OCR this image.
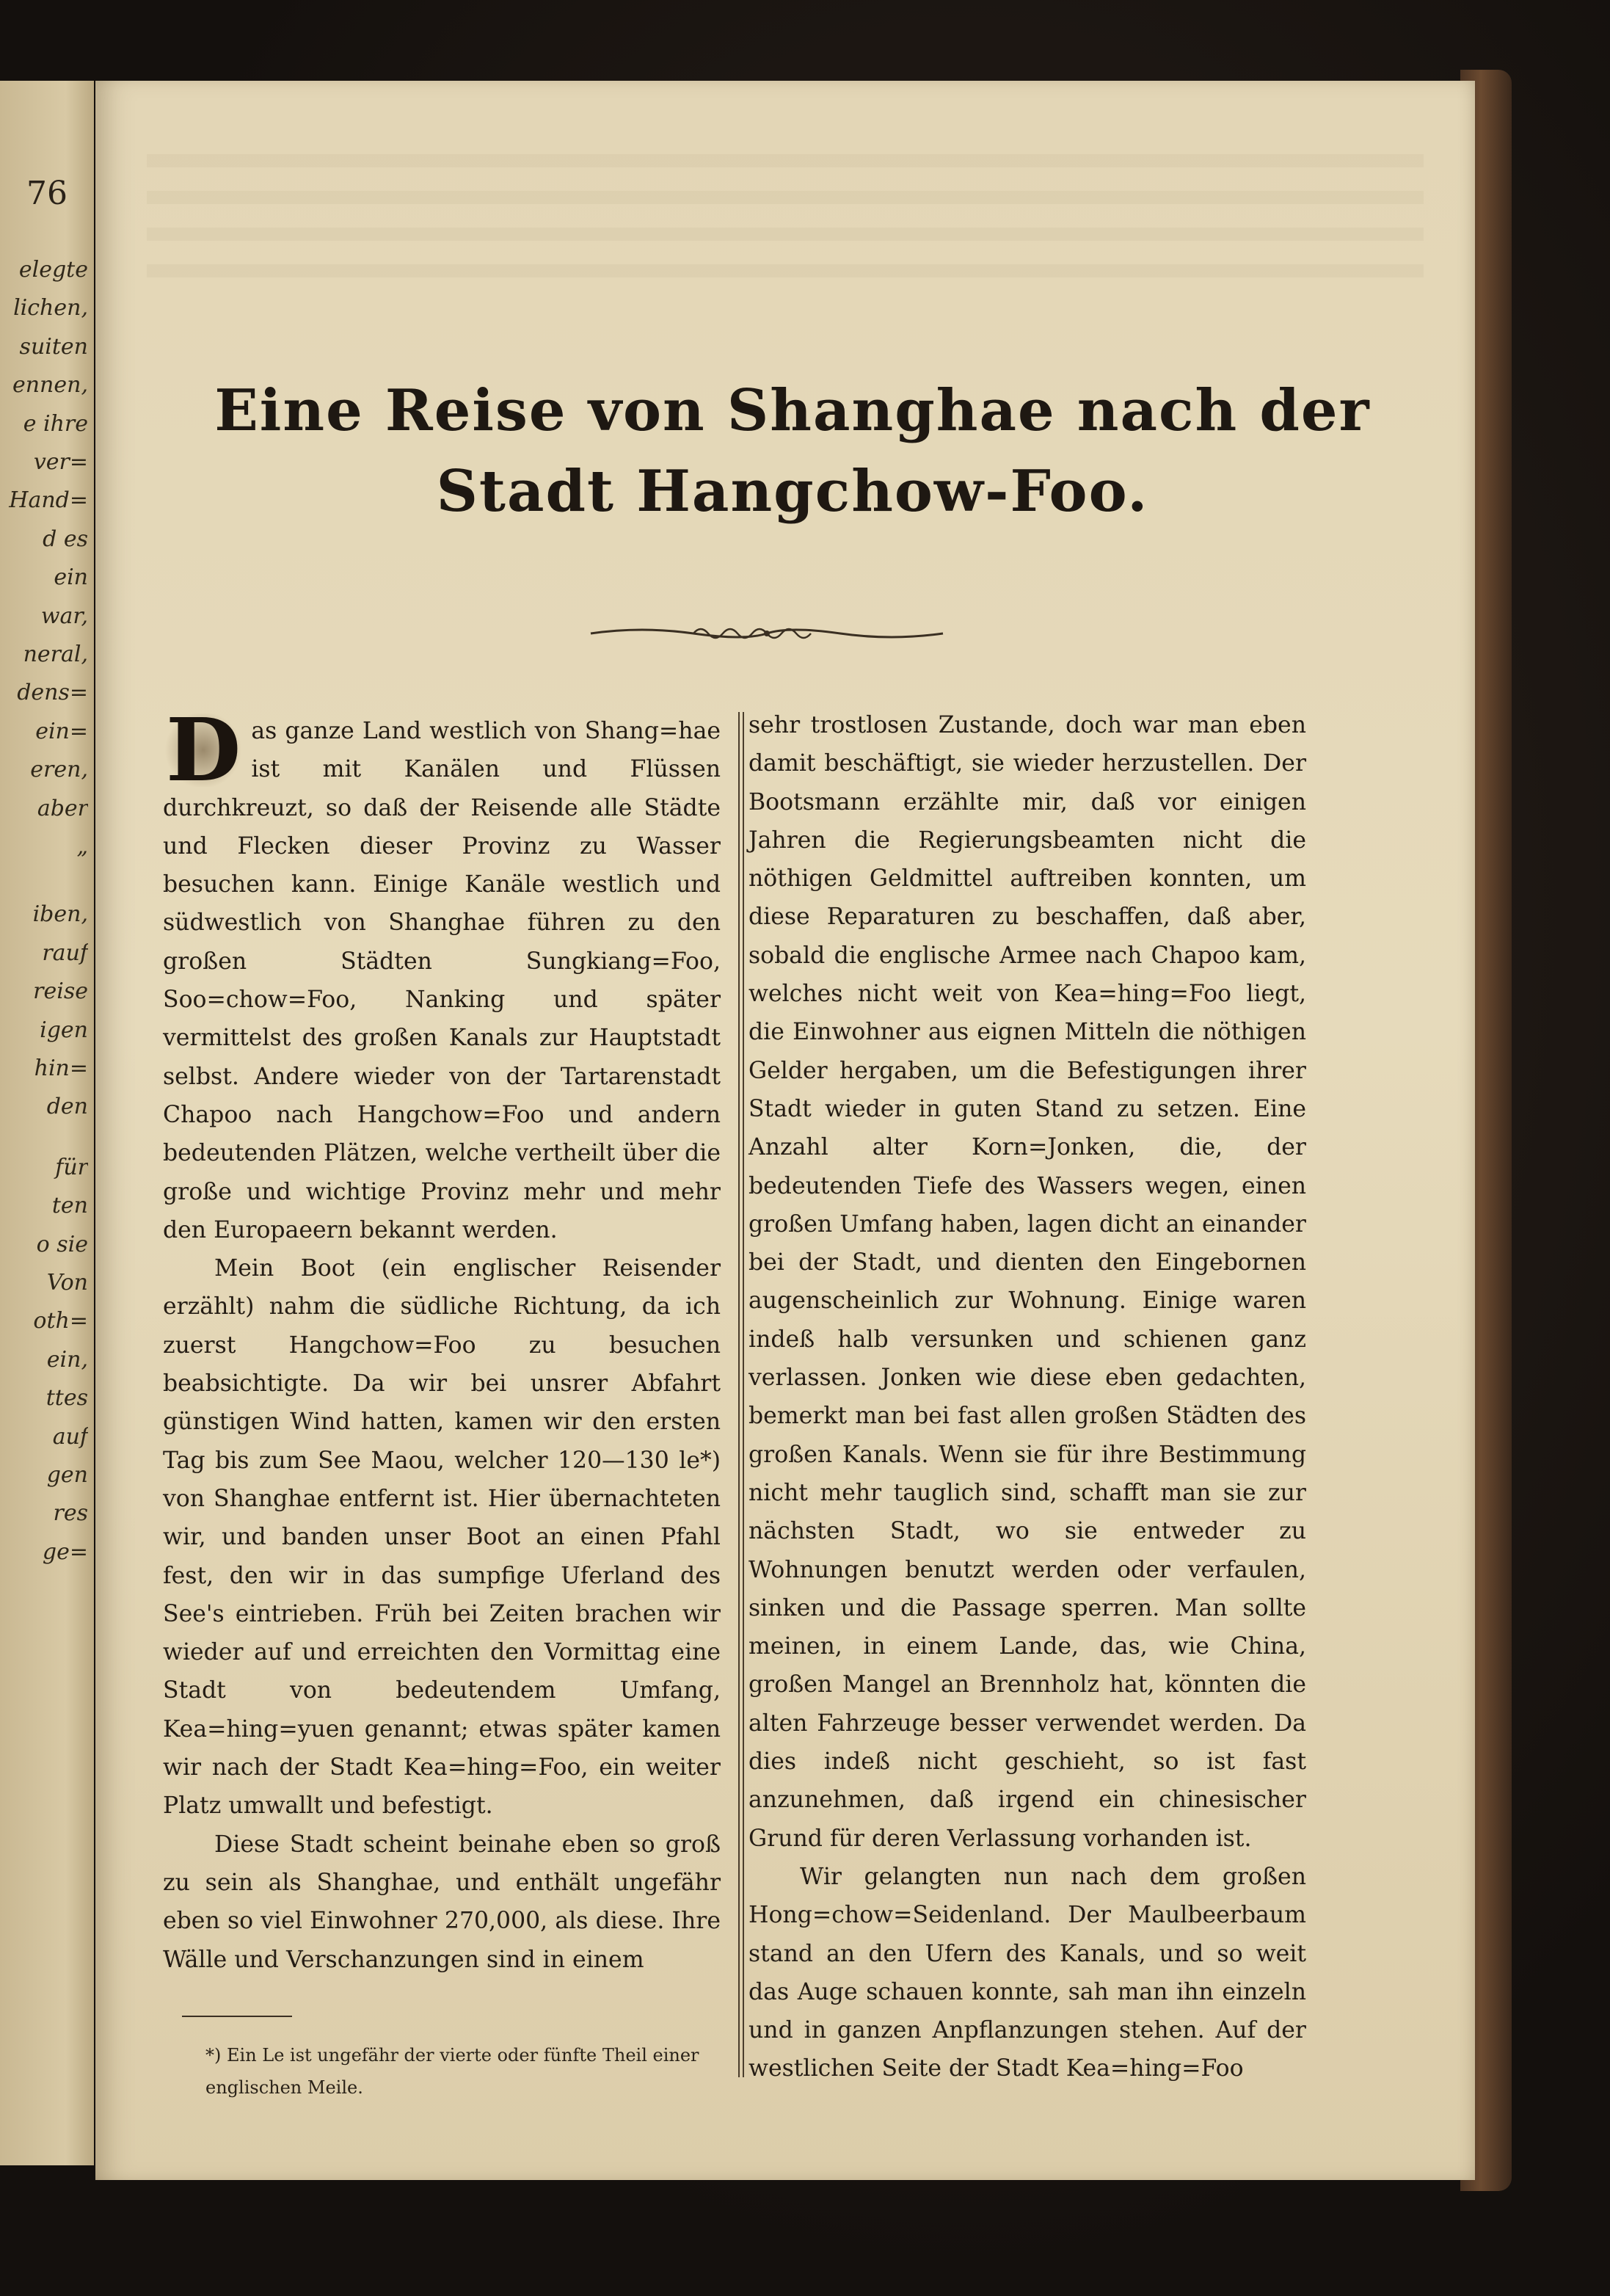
76
elegte
lichen,
suiten
ennen,
e ihre
ver=
Hand=
d es
ein
war,
neral,
dens=
ein=
eren,
aber
„
iben,
rauf
reise
igen
hin=
den
für
ten
o sie
Von
oth=
ein,
ttes
auf
gen
res
ge=
Eine Reise von Shanghae nach der
Stadt Hangchow-Foo.

D as ganze Land westlich von Shang=hae ist mit Kanälen und Flüssen durchkreuzt, so daß der Reisende alle Städte und Flecken dieser Provinz zu Wasser besuchen kann. Einige Kanäle westlich und südwestlich von Shanghae führen zu den großen Städten Sungkiang=Foo, Soo=chow=Foo, Nanking und später vermittelst des großen Kanals zur Hauptstadt selbst. Andere wieder von der Tartarenstadt Chapoo nach Hangchow=Foo und andern bedeutenden Plätzen, welche vertheilt über die große und wichtige Provinz mehr und mehr den Europaeern bekannt werden.

Mein Boot (ein englischer Reisender erzählt) nahm die südliche Richtung, da ich zuerst Hangchow=Foo zu besuchen beabsichtigte. Da wir bei unsrer Abfahrt günstigen Wind hatten, kamen wir den ersten Tag bis zum See Maou, welcher 120—130 le*) von Shanghae entfernt ist. Hier übernachteten wir, und banden unser Boot an einen Pfahl fest, den wir in das sumpfige Uferland des See's eintrieben. Früh bei Zeiten brachen wir wieder auf und erreichten den Vormittag eine Stadt von bedeutendem Umfang, Kea=hing=yuen genannt; etwas später kamen wir nach der Stadt Kea=hing=Foo, ein weiter Platz umwallt und befestigt.

Diese Stadt scheint beinahe eben so groß zu sein als Shanghae, und enthält ungefähr eben so viel Einwohner 270,000, als diese. Ihre Wälle und Verschanzungen sind in einem

sehr trostlosen Zustande, doch war man eben damit beschäftigt, sie wieder herzustellen. Der Bootsmann erzählte mir, daß vor einigen Jahren die Regierungsbeamten nicht die nöthigen Geldmittel auftreiben konnten, um diese Reparaturen zu beschaffen, daß aber, sobald die englische Armee nach Chapoo kam, welches nicht weit von Kea=hing=Foo liegt, die Einwohner aus eignen Mitteln die nöthigen Gelder hergaben, um die Befestigungen ihrer Stadt wieder in guten Stand zu setzen. Eine Anzahl alter Korn=Jonken, die, der bedeutenden Tiefe des Wassers wegen, einen großen Umfang haben, lagen dicht an einander bei der Stadt, und dienten den Eingebornen augenscheinlich zur Wohnung. Einige waren indeß halb versunken und schienen ganz verlassen. Jonken wie diese eben gedachten, bemerkt man bei fast allen großen Städten des großen Kanals. Wenn sie für ihre Bestimmung nicht mehr tauglich sind, schafft man sie zur nächsten Stadt, wo sie entweder zu Wohnungen benutzt werden oder verfaulen, sinken und die Passage sperren. Man sollte meinen, in einem Lande, das, wie China, großen Mangel an Brennholz hat, könnten die alten Fahrzeuge besser verwendet werden. Da dies indeß nicht geschieht, so ist fast anzunehmen, daß irgend ein chinesischer Grund für deren Verlassung vorhanden ist.

Wir gelangten nun nach dem großen Hong=chow=Seidenland. Der Maulbeerbaum stand an den Ufern des Kanals, und so weit das Auge schauen konnte, sah man ihn einzeln und in ganzen Anpflanzungen stehen. Auf der westlichen Seite der Stadt Kea=hing=Foo

*) Ein Le ist ungefähr der vierte oder fünfte Theil einer englischen Meile.
